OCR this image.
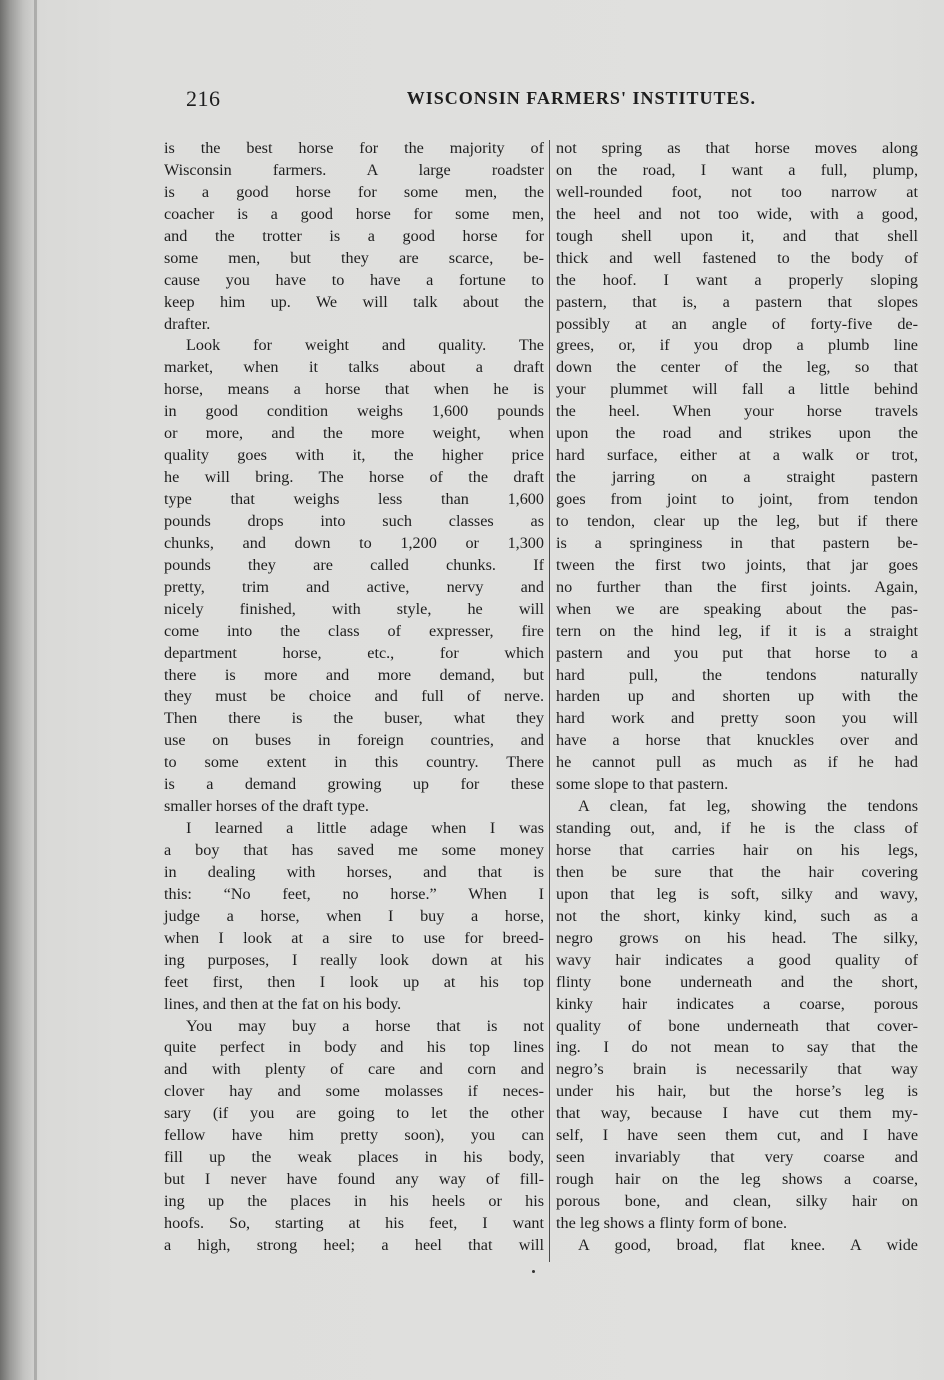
216	WISCONSIN FARMERS' INSTITUTES.
is the best horse for the majority of
Wisconsin farmers. A large roadster
is a good horse for some men, the
coacher is a good horse for some men,
and the trotter is a good horse for
some men, but they are scarce, be-
cause you have to have a fortune to
keep him up. We will talk about the
drafter.
Look for weight and quality. The
market, when it talks about a draft
horse, means a horse that when he is
in good condition weighs 1,600 pounds
or more, and the more weight, when
quality goes with it, the higher price
he will bring. The horse of the draft
type that weighs less than 1,600
pounds drops into such classes as
chunks, and down to 1,200 or 1,300
pounds they are called chunks. If
pretty, trim and active, nervy and
nicely finished, with style, he will
come into the class of expresser, fire
department horse, etc., for which
there is more and more demand, but
they must be choice and full of nerve.
Then there is the buser, what they
use on buses in foreign countries, and
to some extent in this country. There
is a demand growing up for these
smaller horses of the draft type.
I learned a little adage when I was
a boy that has saved me some money
in dealing with horses, and that is
this: “No feet, no horse.” When I
judge a horse, when I buy a horse,
when I look at a sire to use for breed-
ing purposes, I really look down at his
feet first, then I look up at his top
lines, and then at the fat on his body.
You may buy a horse that is not
quite perfect in body and his top lines
and with plenty of care and corn and
clover hay and some molasses if neces-
sary (if you are going to let the other
fellow have him pretty soon), you can
fill up the weak places in his body,
but I never have found any way of fill-
ing up the places in his heels or his
hoofs. So, starting at his feet, I want
a high, strong heel; a heel that will
not spring as that horse moves along
on the road, I want a full, plump,
well-rounded foot, not too narrow at
the heel and not too wide, with a good,
tough shell upon it, and that shell
thick and well fastened to the body of
the hoof. I want a properly sloping
pastern, that is, a pastern that slopes
possibly at an angle of forty-five de-
grees, or, if you drop a plumb line
down the center of the leg, so that
your plummet will fall a little behind
the heel. When your horse travels
upon the road and strikes upon the
hard surface, either at a walk or trot,
the jarring on a straight pastern
goes from joint to joint, from tendon
to tendon, clear up the leg, but if there
is a springiness in that pastern be-
tween the first two joints, that jar goes
no further than the first joints. Again,
when we are speaking about the pas-
tern on the hind leg, if it is a straight
pastern and you put that horse to a
hard pull, the tendons naturally
harden up and shorten up with the
hard work and pretty soon you will
have a horse that knuckles over and
he cannot pull as much as if he had
some slope to that pastern.
A clean, fat leg, showing the tendons
standing out, and, if he is the class of
horse that carries hair on his legs,
then be sure that the hair covering
upon that leg is soft, silky and wavy,
not the short, kinky kind, such as a
negro grows on his head. The silky,
wavy hair indicates a good quality of
flinty bone underneath and the short,
kinky hair indicates a coarse, porous
quality of bone underneath that cover-
ing. I do not mean to say that the
negro’s brain is necessarily that way
under his hair, but the horse’s leg is
that way, because I have cut them my-
self, I have seen them cut, and I have
seen invariably that very coarse and
rough hair on the leg shows a coarse,
porous bone, and clean, silky hair on
the leg shows a flinty form of bone.
A good, broad, flat knee. A wide
